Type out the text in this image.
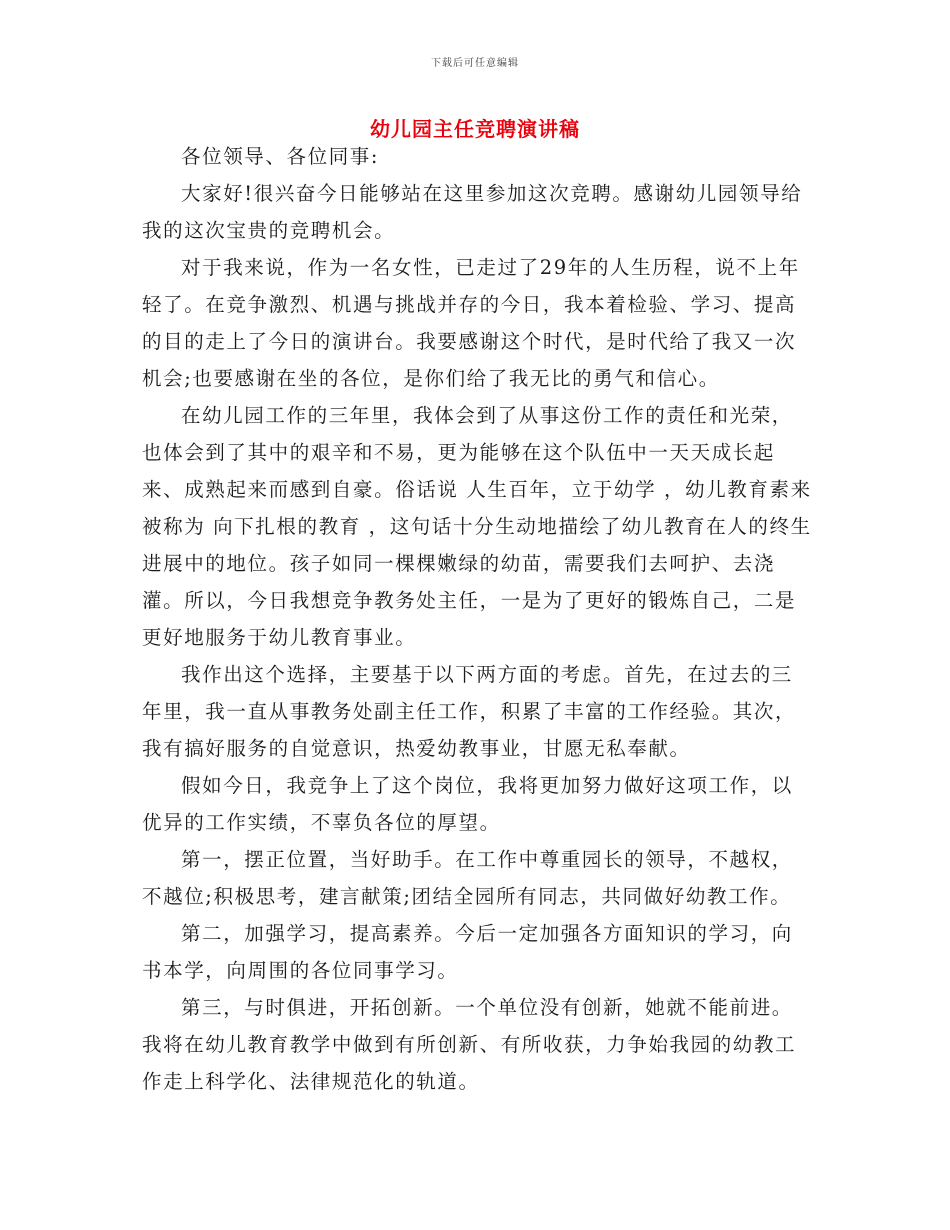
下载后可任意编辑
幼儿园主任竞聘演讲稿

各位领导、各位同事:

大家好!很兴奋今日能够站在这里参加这次竞聘。感谢幼儿园领导给我的这次宝贵的竞聘机会。

对于我来说，作为一名女性，已走过了29年的人生历程，说不上年轻了。在竞争激烈、机遇与挑战并存的今日，我本着检验、学习、提高的目的走上了今日的演讲台。我要感谢这个时代，是时代给了我又一次机会;也要感谢在坐的各位，是你们给了我无比的勇气和信心。

在幼儿园工作的三年里，我体会到了从事这份工作的责任和光荣，也体会到了其中的艰辛和不易，更为能够在这个队伍中一天天成长起来、成熟起来而感到自豪。俗话说 人生百年，立于幼学 ，幼儿教育素来被称为 向下扎根的教育 ，这句话十分生动地描绘了幼儿教育在人的终生进展中的地位。孩子如同一棵棵嫩绿的幼苗，需要我们去呵护、去浇灌。所以，今日我想竞争教务处主任，一是为了更好的锻炼自己，二是更好地服务于幼儿教育事业。

我作出这个选择，主要基于以下两方面的考虑。首先，在过去的三年里，我一直从事教务处副主任工作，积累了丰富的工作经验。其次，我有搞好服务的自觉意识，热爱幼教事业，甘愿无私奉献。

假如今日，我竞争上了这个岗位，我将更加努力做好这项工作，以优异的工作实绩，不辜负各位的厚望。

第一，摆正位置，当好助手。在工作中尊重园长的领导，不越权，不越位;积极思考，建言献策;团结全园所有同志，共同做好幼教工作。

第二，加强学习，提高素养。今后一定加强各方面知识的学习，向书本学，向周围的各位同事学习。

第三，与时俱进，开拓创新。一个单位没有创新，她就不能前进。我将在幼儿教育教学中做到有所创新、有所收获，力争始我园的幼教工作走上科学化、法律规范化的轨道。
